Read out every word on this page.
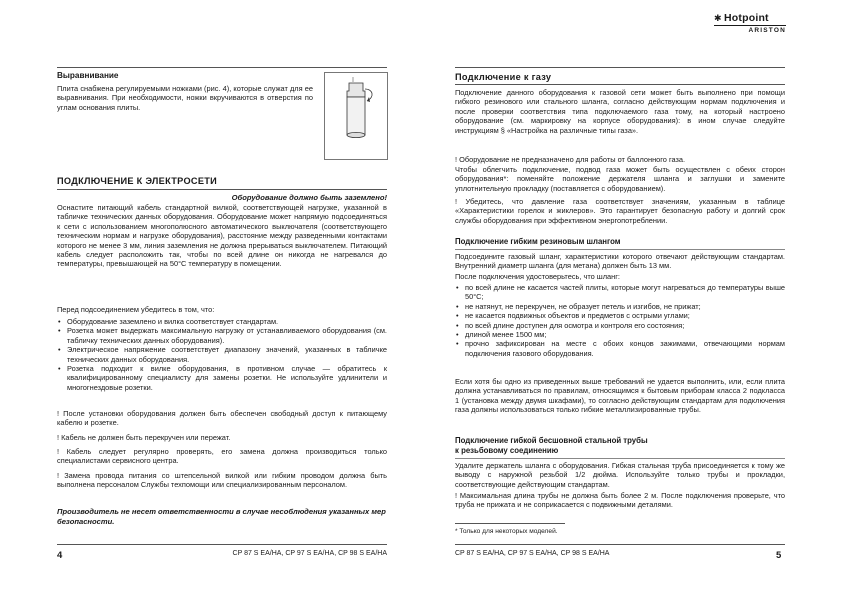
Hotpoint
✱
ARISTON
Выравнивание
Плита снабжена регулируемыми ножками (рис. 4), которые служат для ее выравнивания. При необходимости, ножки вкручиваются в отверстия по углам основания плиты.
ПОДКЛЮЧЕНИЕ К ЭЛЕКТРОСЕТИ
Оборудование должно быть заземлено!
Оснастите питающий кабель стандартной вилкой, соответствующей нагрузке, указанной в табличке технических данных оборудования. Оборудование может напрямую подсоединяться к сети с использованием многополюсного автоматического выключателя (соответствующего техническим нормам и нагрузке оборудования), расстояние между разведенными контактами которого не менее 3 мм, линия заземления не должна прерываться выключателем. Питающий кабель следует расположить так, чтобы по всей длине он никогда не нагревался до температуры, превышающей на 50°С температуру в помещении.
Перед подсоединением убедитесь в том, что:
• Оборудование заземлено и вилка соответствует стандартам.
• Розетка может выдержать максимальную нагрузку от устанавливаемого оборудования (см. табличку технических данных оборудования).
• Электрическое напряжение соответствует диапазону значений, указанных в табличке технических данных оборудования.
• Розетка подходит к вилке оборудования, в противном случае — обратитесь к квалифицированному специалисту для замены розетки. Не используйте удлинители и многогнездовые розетки.
! После установки оборудования должен быть обеспечен свободный доступ к питающему кабелю и розетке.
! Кабель не должен быть перекручен или пережат.
! Кабель следует регулярно проверять, его замена должна производиться только специалистами сервисного центра.
! Замена провода питания со штепсельной вилкой или гибким проводом должна быть выполнена персоналом Службы техпомощи или специализированным персоналом.
Производитель не несет ответственности в случае несоблюдения указанных мер безопасности.
4	CP 87 S EA/HA, CP 97 S EA/HA, CP 98 S EA/HA
Подключение к газу
Подключение данного оборудования к газовой сети может быть выполнено при помощи гибкого резинового или стального шланга, согласно действующим нормам подключения и после проверки соответствия типа подключаемого газа тому, на который настроено оборудование (см. маркировку на корпусе оборудования): в ином случае следуйте инструкциям § «Настройка на различные типы газа».
! Оборудование не предназначено для работы от баллонного газа.
Чтобы облегчить подключение, подвод газа может быть осуществлен с обеих сторон оборудования*: поменяйте положение держателя шланга и заглушки и замените уплотнительную прокладку (поставляется с оборудованием).
! Убедитесь, что давление газа соответствует значениям, указанным в таблице «Характеристики горелок и жиклеров». Это гарантирует безопасную работу и долгий срок службы оборудования при эффективном энергопотреблении.
Подключение гибким резиновым шлангом
Подсоедините газовый шланг, характеристики которого отвечают действующим стандартам. Внутренний диаметр шланга (для метана) должен быть 13 мм.
После подключения удостоверьтесь, что шланг:
• по всей длине не касается частей плиты, которые могут нагреваться до температуры выше 50°С;
• не натянут, не перекручен, не образует петель и изгибов, не прижат;
• не касается подвижных объектов и предметов с острыми углами;
• по всей длине доступен для осмотра и контроля его состояния;
• длиной менее 1500 мм;
• прочно зафиксирован на месте с обоих концов зажимами, отвечающими нормам подключения газового оборудования.
Если хотя бы одно из приведенных выше требований не удается выполнить, или, если плита должна устанавливаться по правилам, относящимся к бытовым приборам класса 2 подкласса 1 (установка между двумя шкафами), то согласно действующим стандартам для подключения газа должны использоваться только гибкие металлизированные трубы.
Подключение гибкой бесшовной стальной трубы
к резьбовому соединению
Удалите держатель шланга с оборудования. Гибкая стальная труба присоединяется к тому же выводу с наружной резьбой 1/2 дюйма. Используйте только трубы и прокладки, соответствующие действующим стандартам.
! Максимальная длина трубы не должна быть более 2 м. После подключения проверьте, что труба не прижата и не соприкасается с подвижными деталями.
* Только для некоторых моделей.
CP 87 S EA/HA, CP 97 S EA/HA, CP 98 S EA/HA	5
